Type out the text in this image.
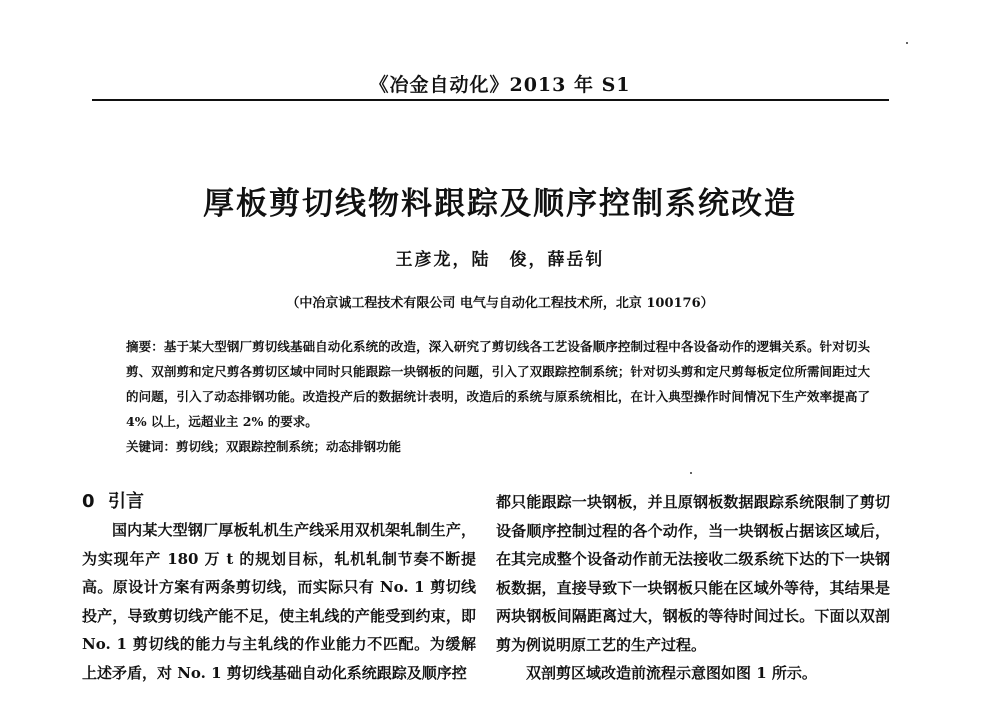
《冶金自动化》2013 年 S1
厚板剪切线物料跟踪及顺序控制系统改造
王彦龙，陆　俊，薛岳钊
（中冶京诚工程技术有限公司 电气与自动化工程技术所，北京 100176）

摘要：基于某大型钢厂剪切线基础自动化系统的改造，深入研究了剪切线各工艺设备顺序控制过程中各设备动作的逻辑关系。针对切头剪、双剖剪和定尺剪各剪切区域中同时只能跟踪一块钢板的问题，引入了双跟踪控制系统；针对切头剪和定尺剪每板定位所需间距过大的问题，引入了动态排钢功能。改造投产后的数据统计表明，改造后的系统与原系统相比，在计入典型操作时间情况下生产效率提高了 4% 以上，远超业主 2% 的要求。

关键词：剪切线；双跟踪控制系统；动态排钢功能

0 引言

国内某大型钢厂厚板轧机生产线采用双机架轧制生产，为实现年产 180 万 t 的规划目标，轧机轧制节奏不断提高。原设计方案有两条剪切线，而实际只有 No. 1 剪切线投产，导致剪切线产能不足，使主轧线的产能受到约束，即 No. 1 剪切线的能力与主轧线的作业能力不匹配。为缓解上述矛盾，对 No. 1 剪切线基础自动化系统跟踪及顺序控

都只能跟踪一块钢板，并且原钢板数据跟踪系统限制了剪切设备顺序控制过程的各个动作，当一块钢板占据该区域后，在其完成整个设备动作前无法接收二级系统下达的下一块钢板数据，直接导致下一块钢板只能在区域外等待，其结果是两块钢板间隔距离过大，钢板的等待时间过长。下面以双剖剪为例说明原工艺的生产过程。

双剖剪区域改造前流程示意图如图 1 所示。
